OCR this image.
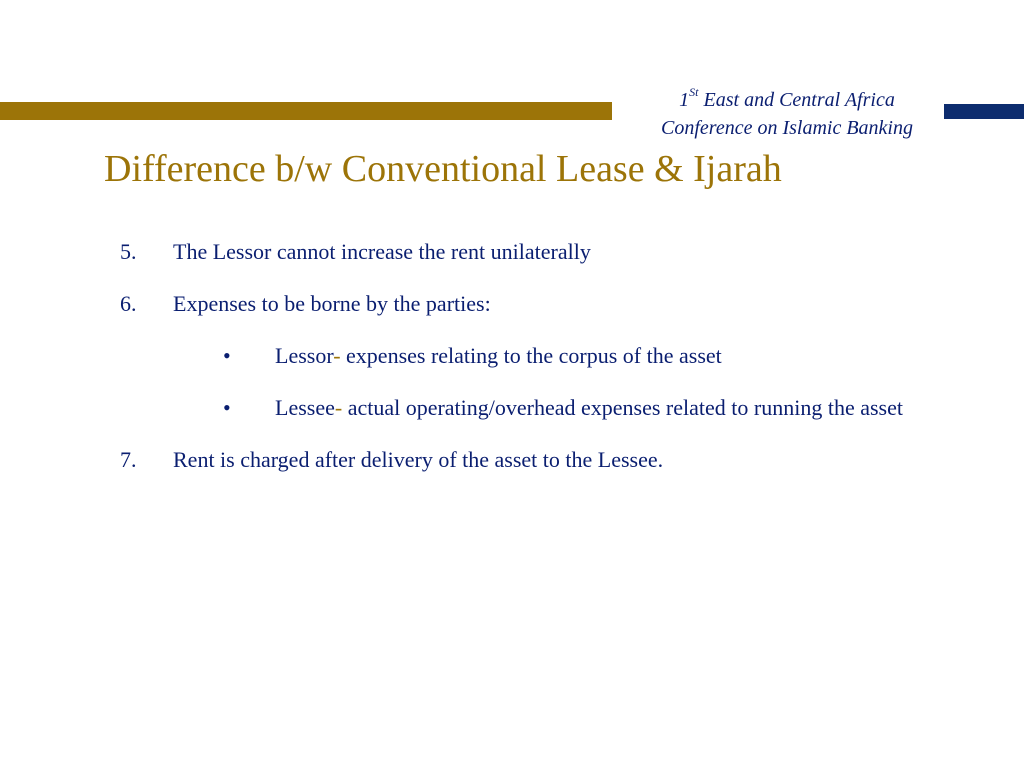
1St East and Central Africa
Conference on Islamic Banking
Difference b/w Conventional Lease & Ijarah
5. The Lessor cannot increase the rent unilaterally
6. Expenses to be borne by the parties:
• Lessor- expenses relating to the corpus of the asset
• Lessee- actual operating/overhead expenses related to running the asset
7. Rent is charged after delivery of the asset to the Lessee.
